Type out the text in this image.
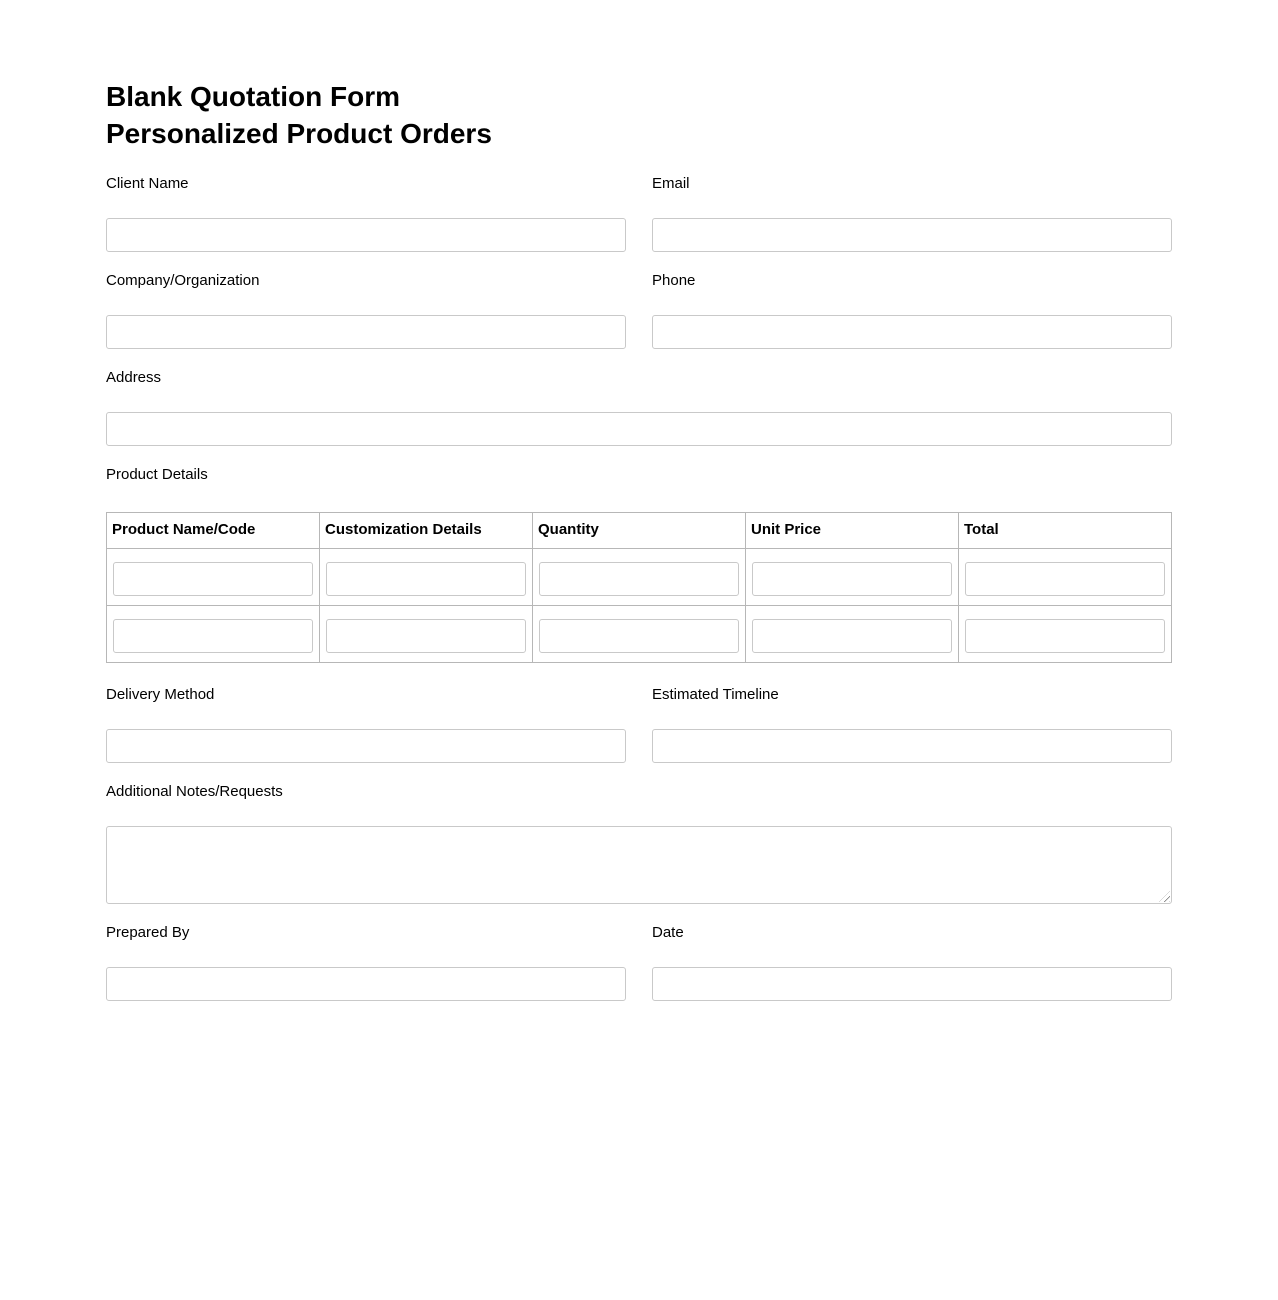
Blank Quotation Form
Personalized Product Orders
Client Name	Email
Company/Organization	Phone
Address
Product Details
Product Name/Code	Customization Details	Quantity	Unit Price	Total

Delivery Method	Estimated Timeline
Additional Notes/Requests
Prepared By	Date
